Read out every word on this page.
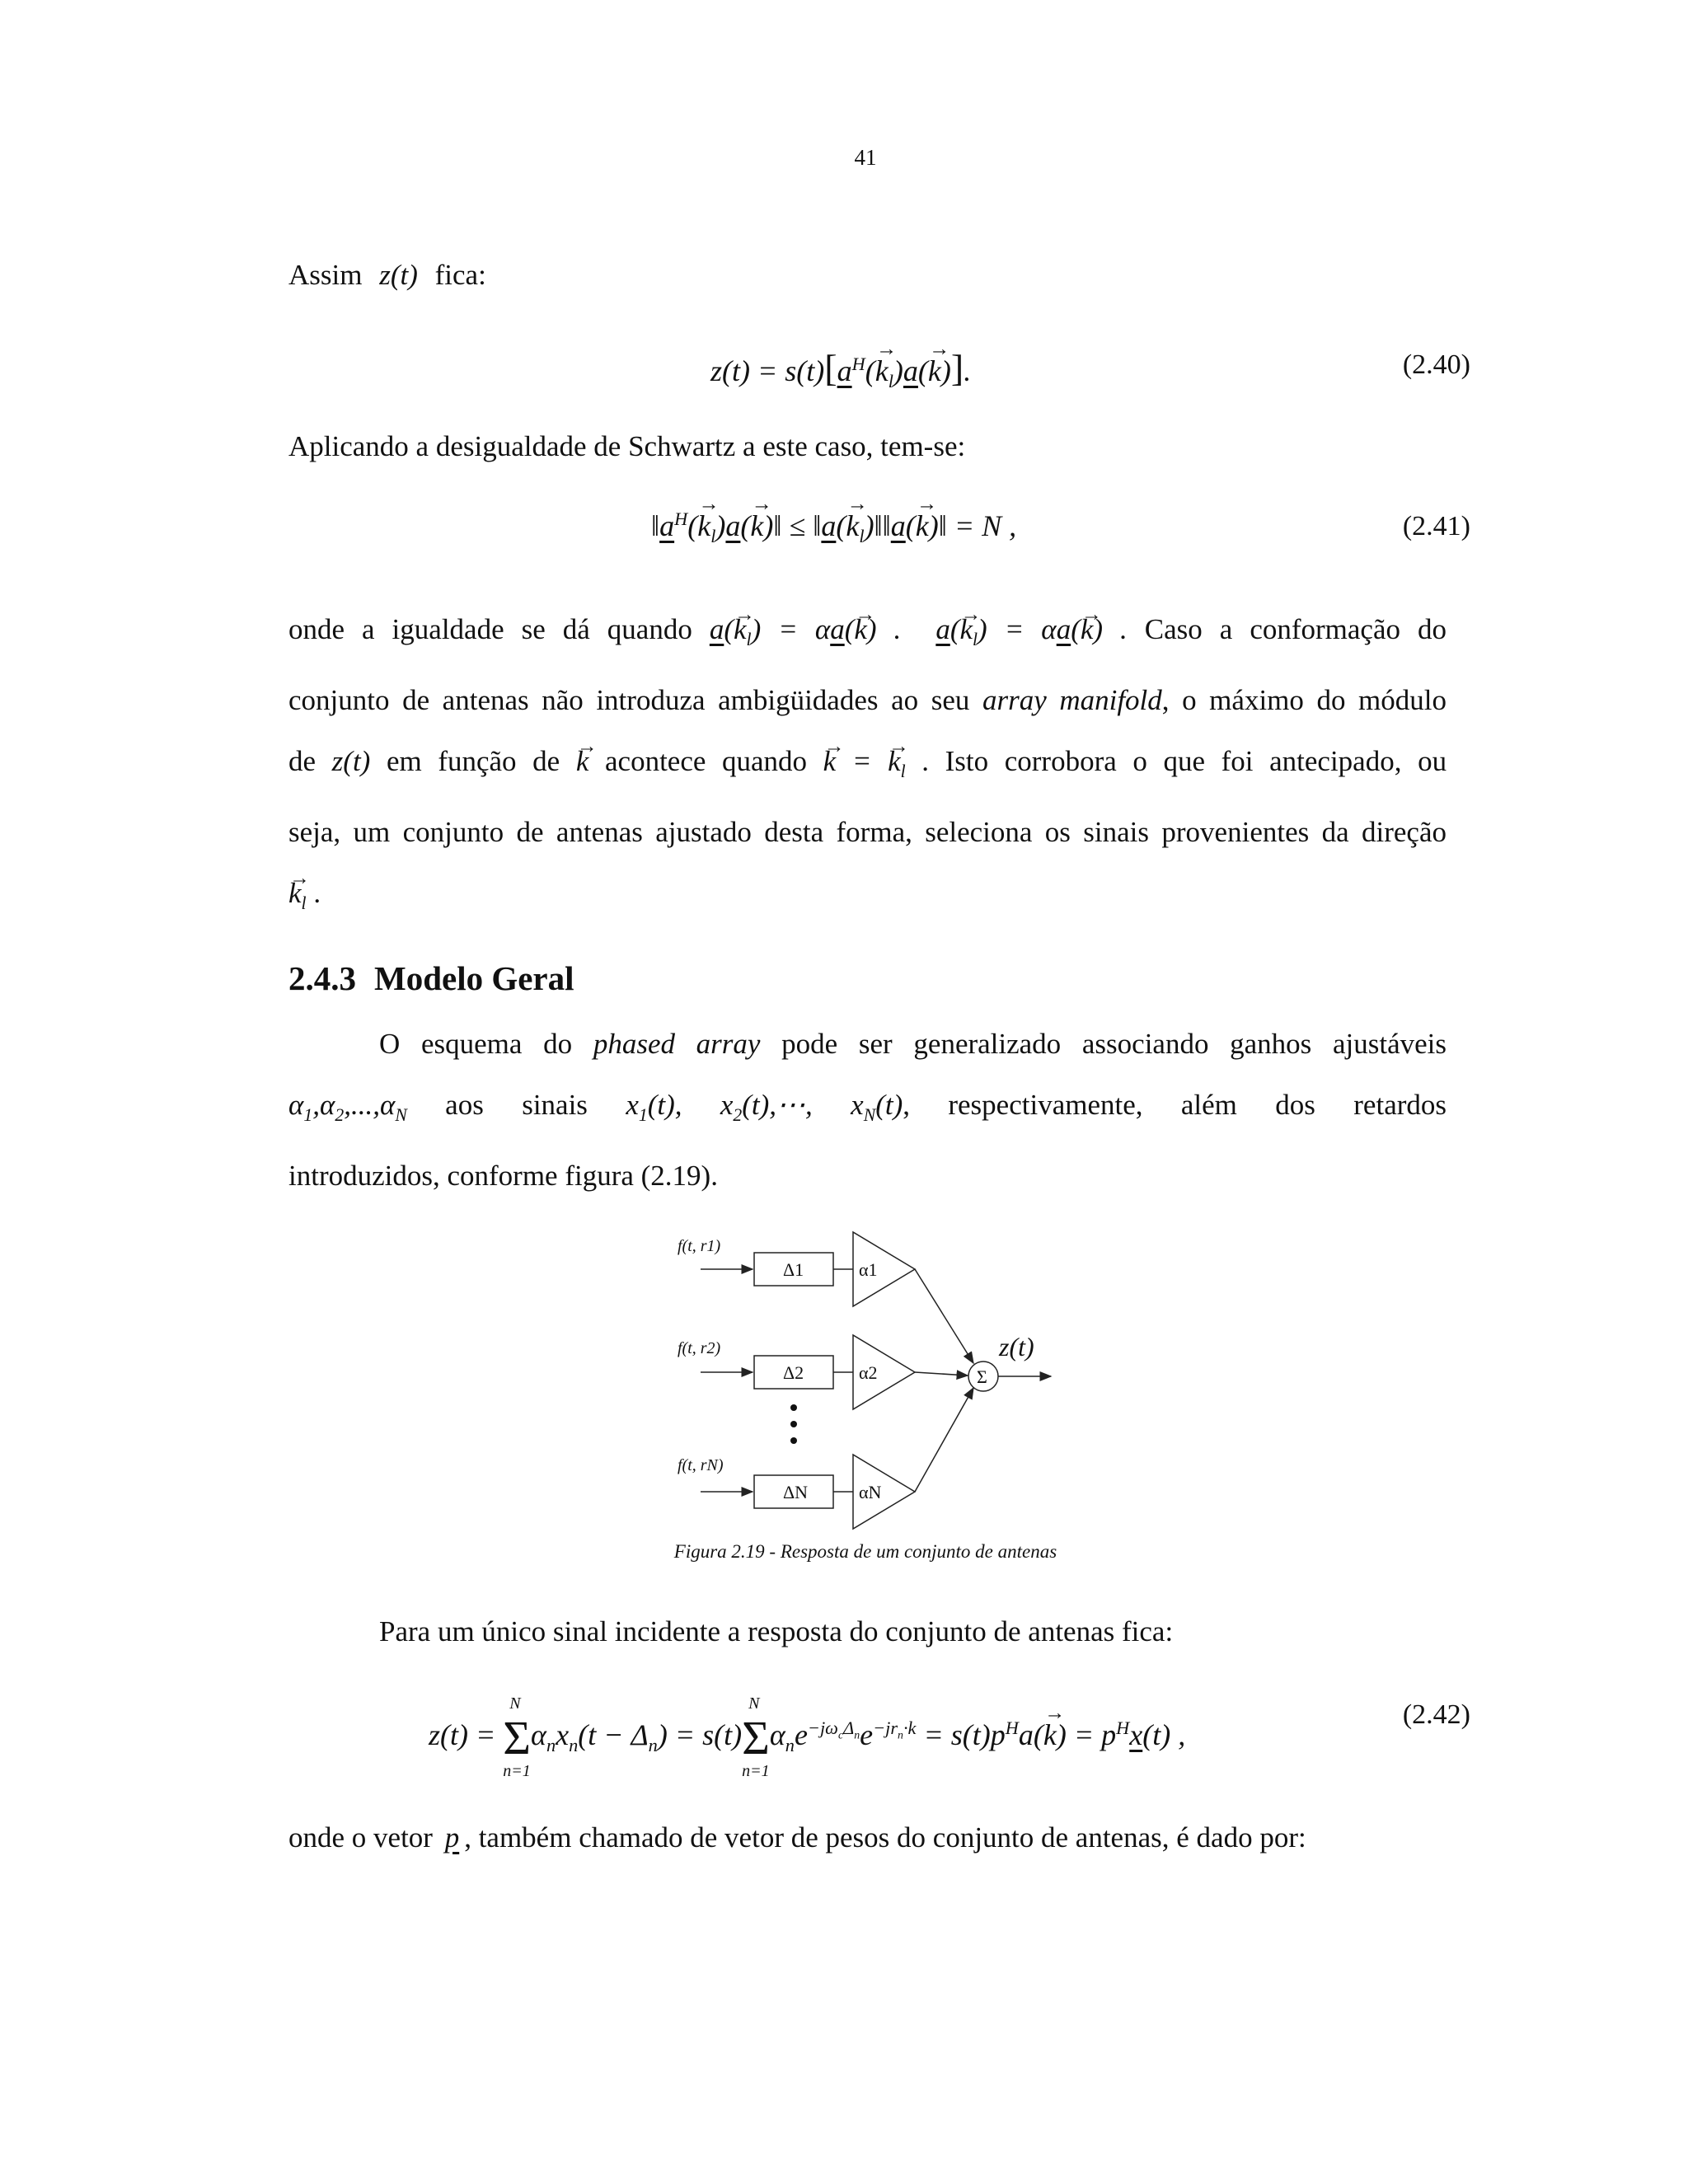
41
Assim z(t) fica:
$z(t) = s(t)[a^H(\to k_l)a(\to k)]$.	(2.40)
Aplicando a desigualdade de Schwartz a este caso, tem-se:
$‖a^H(\to k_l)a(\to$ k)‖ ≤ ‖a(→ $k_l)‖‖a(\to$ k)‖ = N ,	(2.41)
onde a igualdade se dá quando $a(\to k_l) = \alpha a(\to k)$ .  $a(\to k_l) = \alpha a(\to k)$ . Caso a conformação do
conjunto de antenas não introduza ambigüidades ao seu array manifold, o máximo do módulo
de z(t) em função de → k acontece quando → k = → $k_l$ . Isto corrobora o que foi antecipado, ou
seja, um conjunto de antenas ajustado desta forma, seleciona os sinais provenientes da direção
→ $k_l$ .
2.4.3 Modelo Geral
O esquema do phased array pode ser generalizado associando ganhos ajustáveis
$\alpha_1,\alpha_2,...,\alpha_N$ aos sinais $x_1(t)$, $x_2(t),\cdots$, $x_N(t)$, respectivamente, além dos retardos
introduzidos, conforme figura (2.19).
f(t, r1)
f(t, r2)
f(t, rN)
Δ1
Δ2
ΔN
α1
α2
αN
Σ
z(t)
Figura 2.19 - Resposta de um conjunto de antenas
Para um único sinal incidente a resposta do conjunto de antenas fica:
z(t) =
N
n=1
$\Sigma\alpha_nx_n(t - \Delta_n) = s(t)$
N
n=1
$\Sigma\alpha_ne^{-j\omega_c\Delta_n}e^{-jr_n\cdot k} = s(t)p^Ha(\to k) = p^Hx(t)$ ,
(2.42)
onde o vetor p , também chamado de vetor de pesos do conjunto de antenas, é dado por:
